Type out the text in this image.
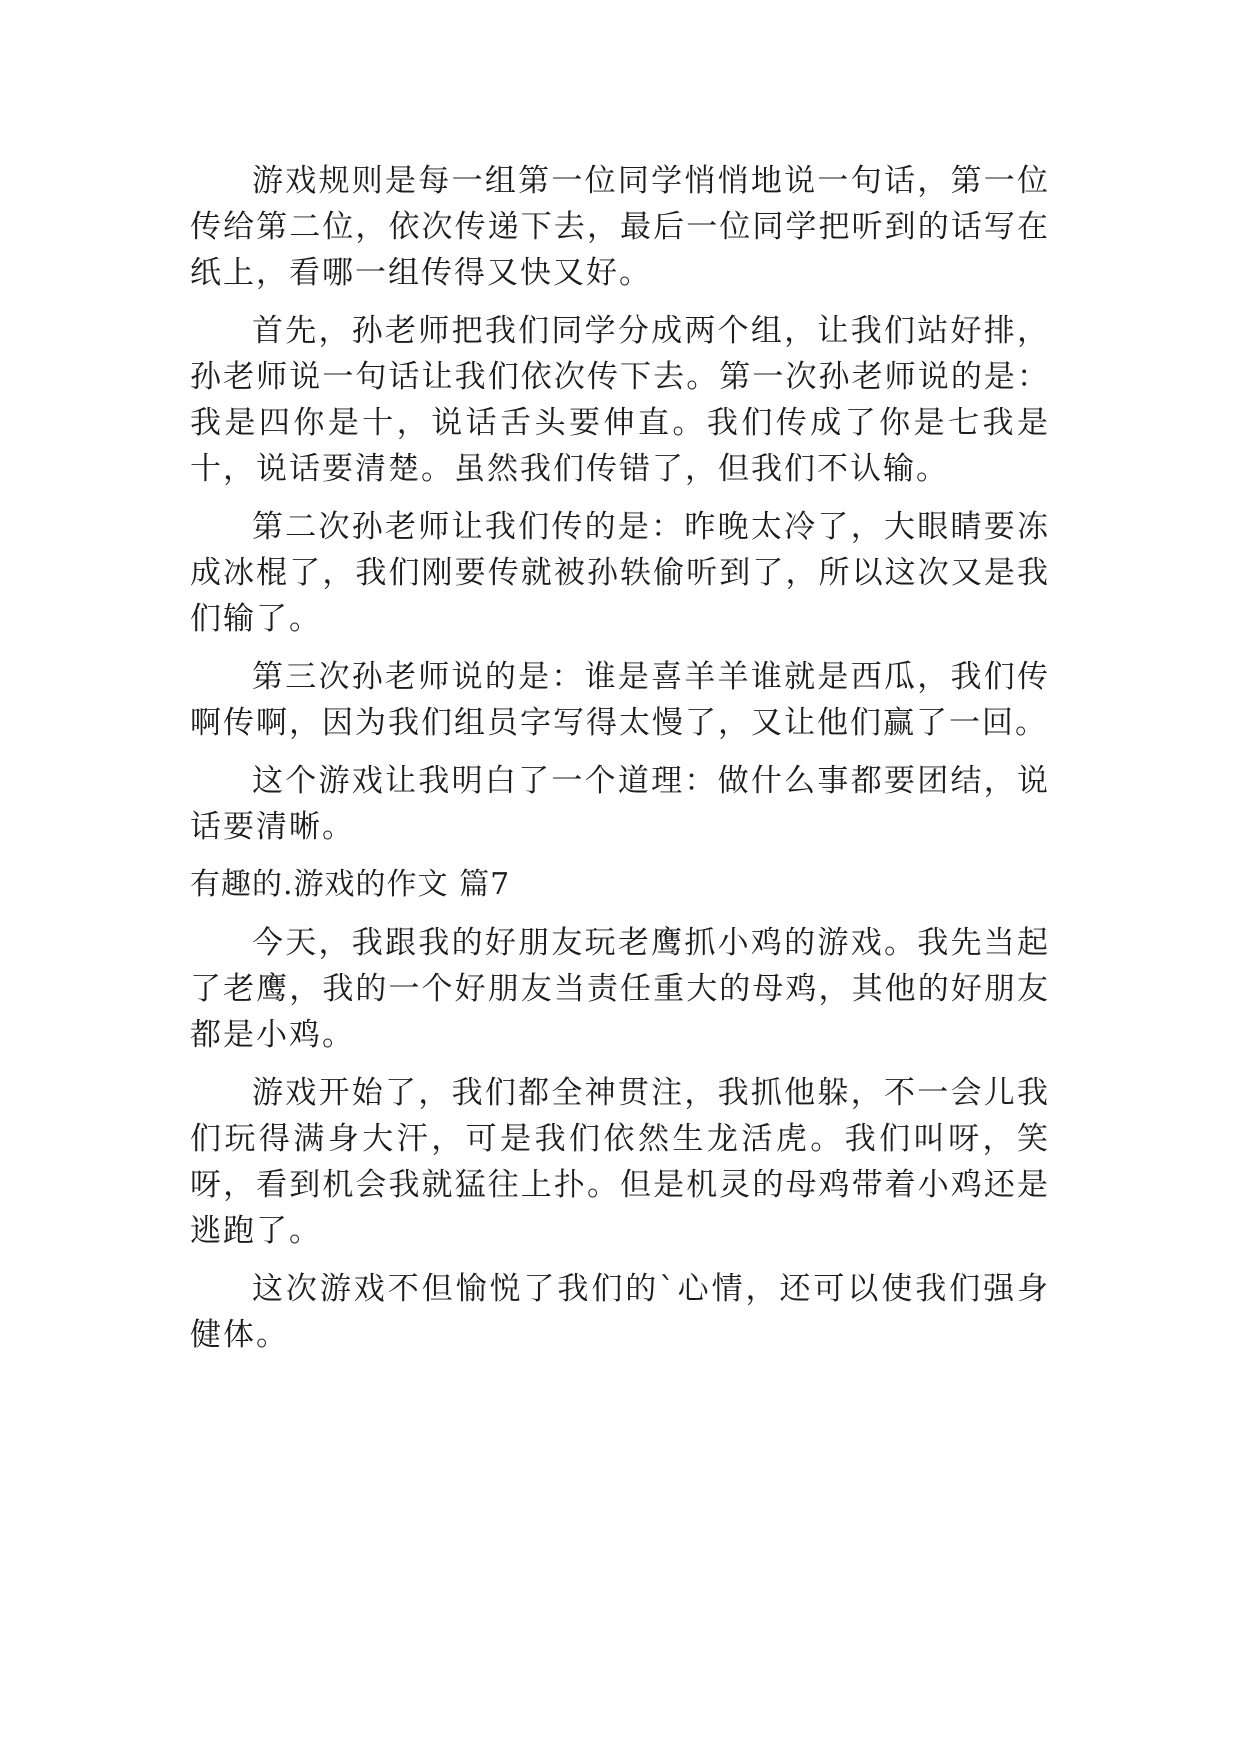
游戏规则是每一组第一位同学悄悄地说一句话，第一位传给第二位，依次传递下去，最后一位同学把听到的话写在纸上，看哪一组传得又快又好。

首先，孙老师把我们同学分成两个组，让我们站好排，孙老师说一句话让我们依次传下去。第一次孙老师说的是：我是四你是十，说话舌头要伸直。我们传成了你是七我是十，说话要清楚。虽然我们传错了，但我们不认输。

第二次孙老师让我们传的是：昨晚太冷了，大眼睛要冻成冰棍了，我们刚要传就被孙轶偷听到了，所以这次又是我们输了。

第三次孙老师说的是：谁是喜羊羊谁就是西瓜，我们传啊传啊，因为我们组员字写得太慢了，又让他们赢了一回。

这个游戏让我明白了一个道理：做什么事都要团结，说话要清晰。

有趣的.游戏的作文 篇7

今天，我跟我的好朋友玩老鹰抓小鸡的游戏。我先当起了老鹰，我的一个好朋友当责任重大的母鸡，其他的好朋友都是小鸡。

游戏开始了，我们都全神贯注，我抓他躲，不一会儿我们玩得满身大汗，可是我们依然生龙活虎。我们叫呀，笑呀，看到机会我就猛往上扑。但是机灵的母鸡带着小鸡还是逃跑了。

这次游戏不但愉悦了我们的`心情，还可以使我们强身健体。
